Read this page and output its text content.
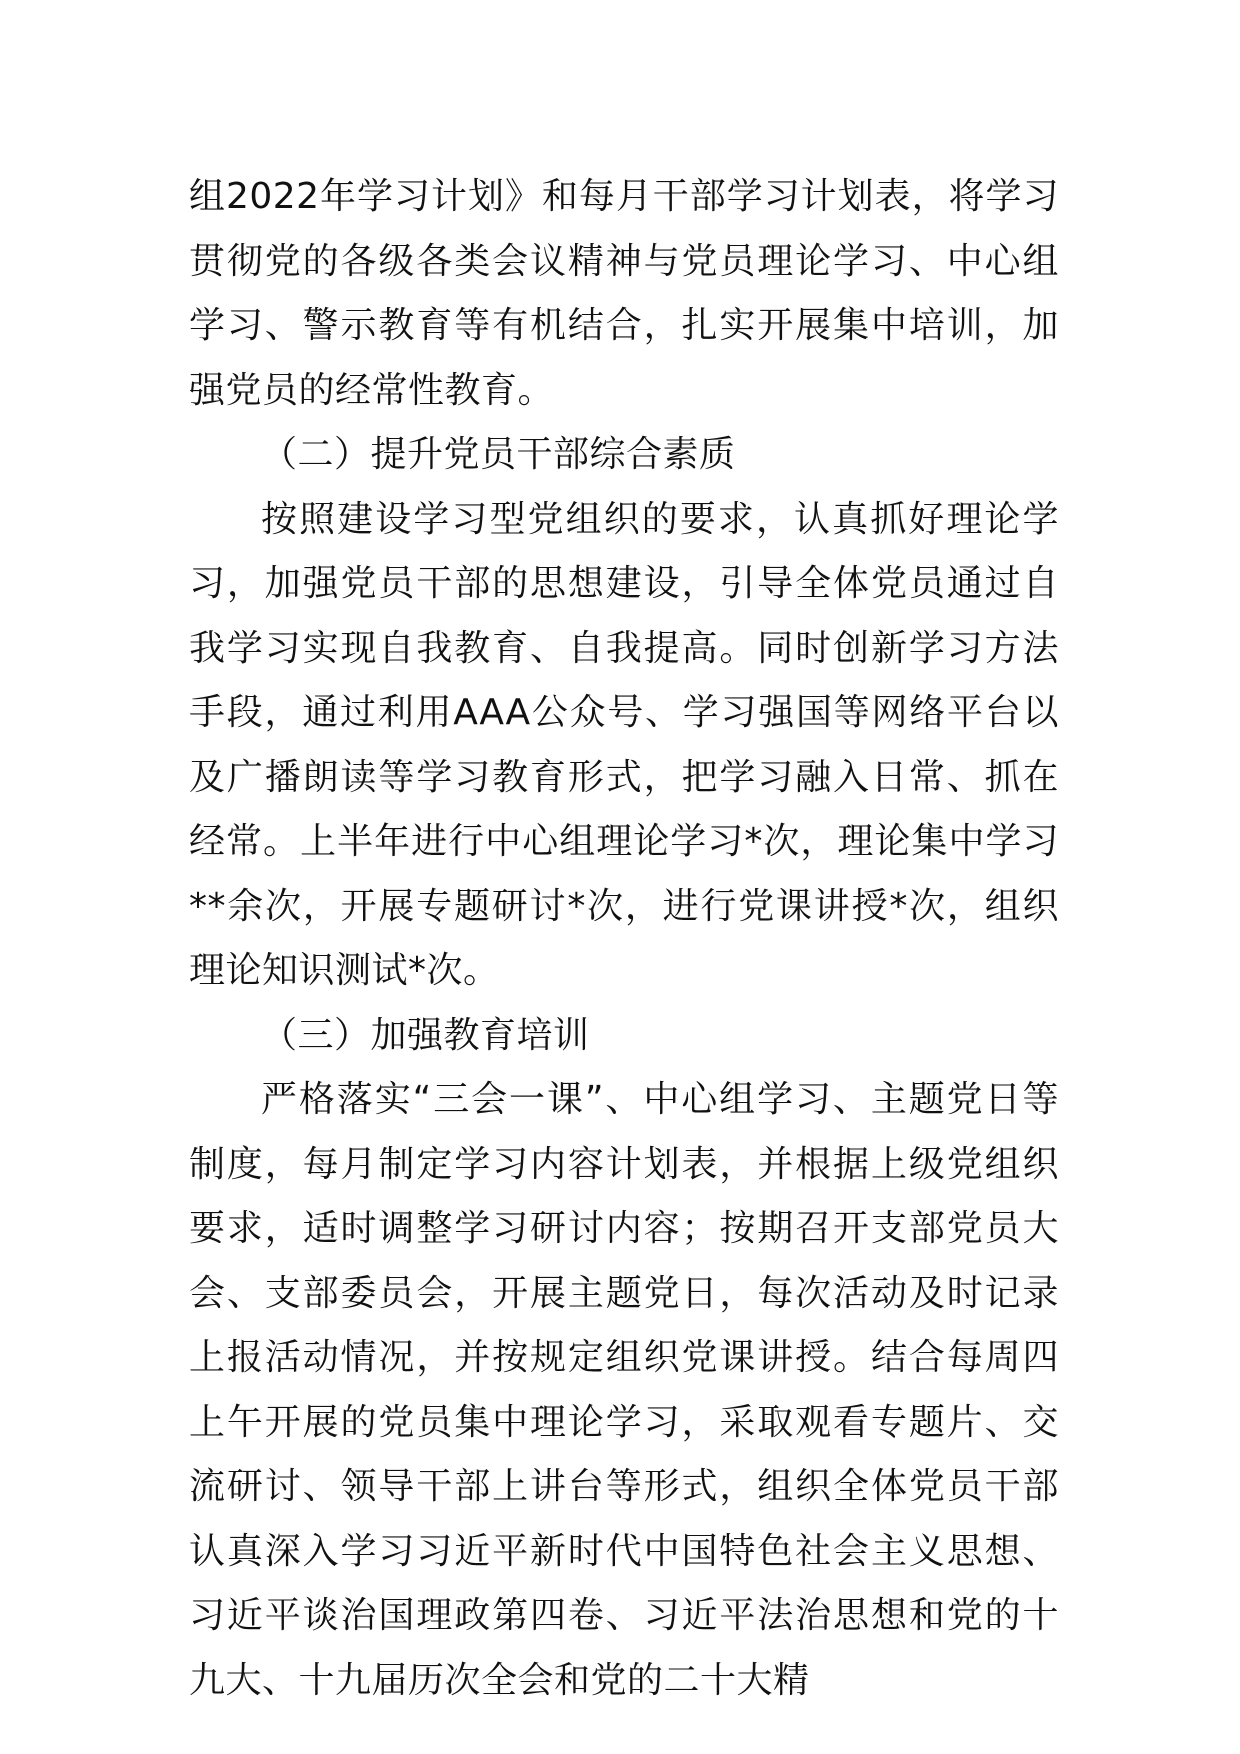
组2022年学习计划》和每月干部学习计划表，将学习贯彻党的各级各类会议精神与党员理论学习、中心组学习、警示教育等有机结合，扎实开展集中培训，加强党员的经常性教育。

（二）提升党员干部综合素质

按照建设学习型党组织的要求，认真抓好理论学习，加强党员干部的思想建设，引导全体党员通过自我学习实现自我教育、自我提高。同时创新学习方法手段，通过利用AAA公众号、学习强国等网络平台以及广播朗读等学习教育形式，把学习融入日常、抓在经常。上半年进行中心组理论学习*次，理论集中学习**余次，开展专题研讨*次，进行党课讲授*次，组织理论知识测试*次。

（三）加强教育培训

严格落实“三会一课”、中心组学习、主题党日等制度，每月制定学习内容计划表，并根据上级党组织要求，适时调整学习研讨内容；按期召开支部党员大会、支部委员会，开展主题党日，每次活动及时记录上报活动情况，并按规定组织党课讲授。结合每周四上午开展的党员集中理论学习，采取观看专题片、交流研讨、领导干部上讲台等形式，组织全体党员干部认真深入学习习近平新时代中国特色社会主义思想、习近平谈治国理政第四卷、习近平法治思想和党的十九大、十九届历次全会和党的二十大精
